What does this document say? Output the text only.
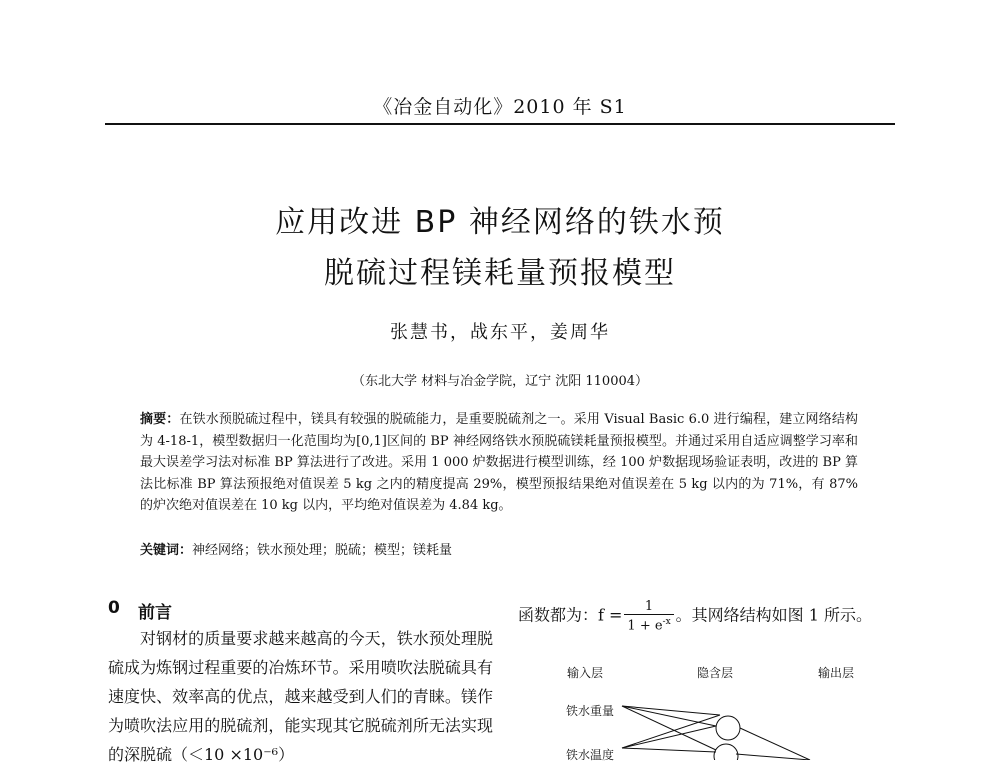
《冶金自动化》2010 年 S1
应用改进 BP 神经网络的铁水预
脱硫过程镁耗量预报模型
张慧书，战东平，姜周华
（东北大学 材料与冶金学院，辽宁 沈阳 110004）
摘要：在铁水预脱硫过程中，镁具有较强的脱硫能力，是重要脱硫剂之一。采用 Visual Basic 6.0 进行编程，建立网络结构为 4-18-1，模型数据归一化范围均为[0,1]区间的 BP 神经网络铁水预脱硫镁耗量预报模型。并通过采用自适应调整学习率和最大误差学习法对标准 BP 算法进行了改进。采用 1 000 炉数据进行模型训练，经 100 炉数据现场验证表明，改进的 BP 算法比标准 BP 算法预报绝对值误差 5 kg 之内的精度提高 29%，模型预报结果绝对值误差在 5 kg 以内的为 71%，有 87% 的炉次绝对值误差在 10 kg 以内，平均绝对值误差为 4.84 kg。
关键词：神经网络；铁水预处理；脱硫；模型；镁耗量
0 前言
对钢材的质量要求越来越高的今天，铁水预处理脱硫成为炼钢过程重要的冶炼环节。采用喷吹法脱硫具有速度快、效率高的优点，越来越受到人们的青睐。镁作为喷吹法应用的脱硫剂，能实现其它脱硫剂所无法实现的深脱硫（＜10 ×10⁻⁶）
函数都为：$f = \frac{1}{1 + e^{-x}}$ 。其网络结构如图 1 所示。
输入层	隐含层	输出层
铁水重量
铁水温度
